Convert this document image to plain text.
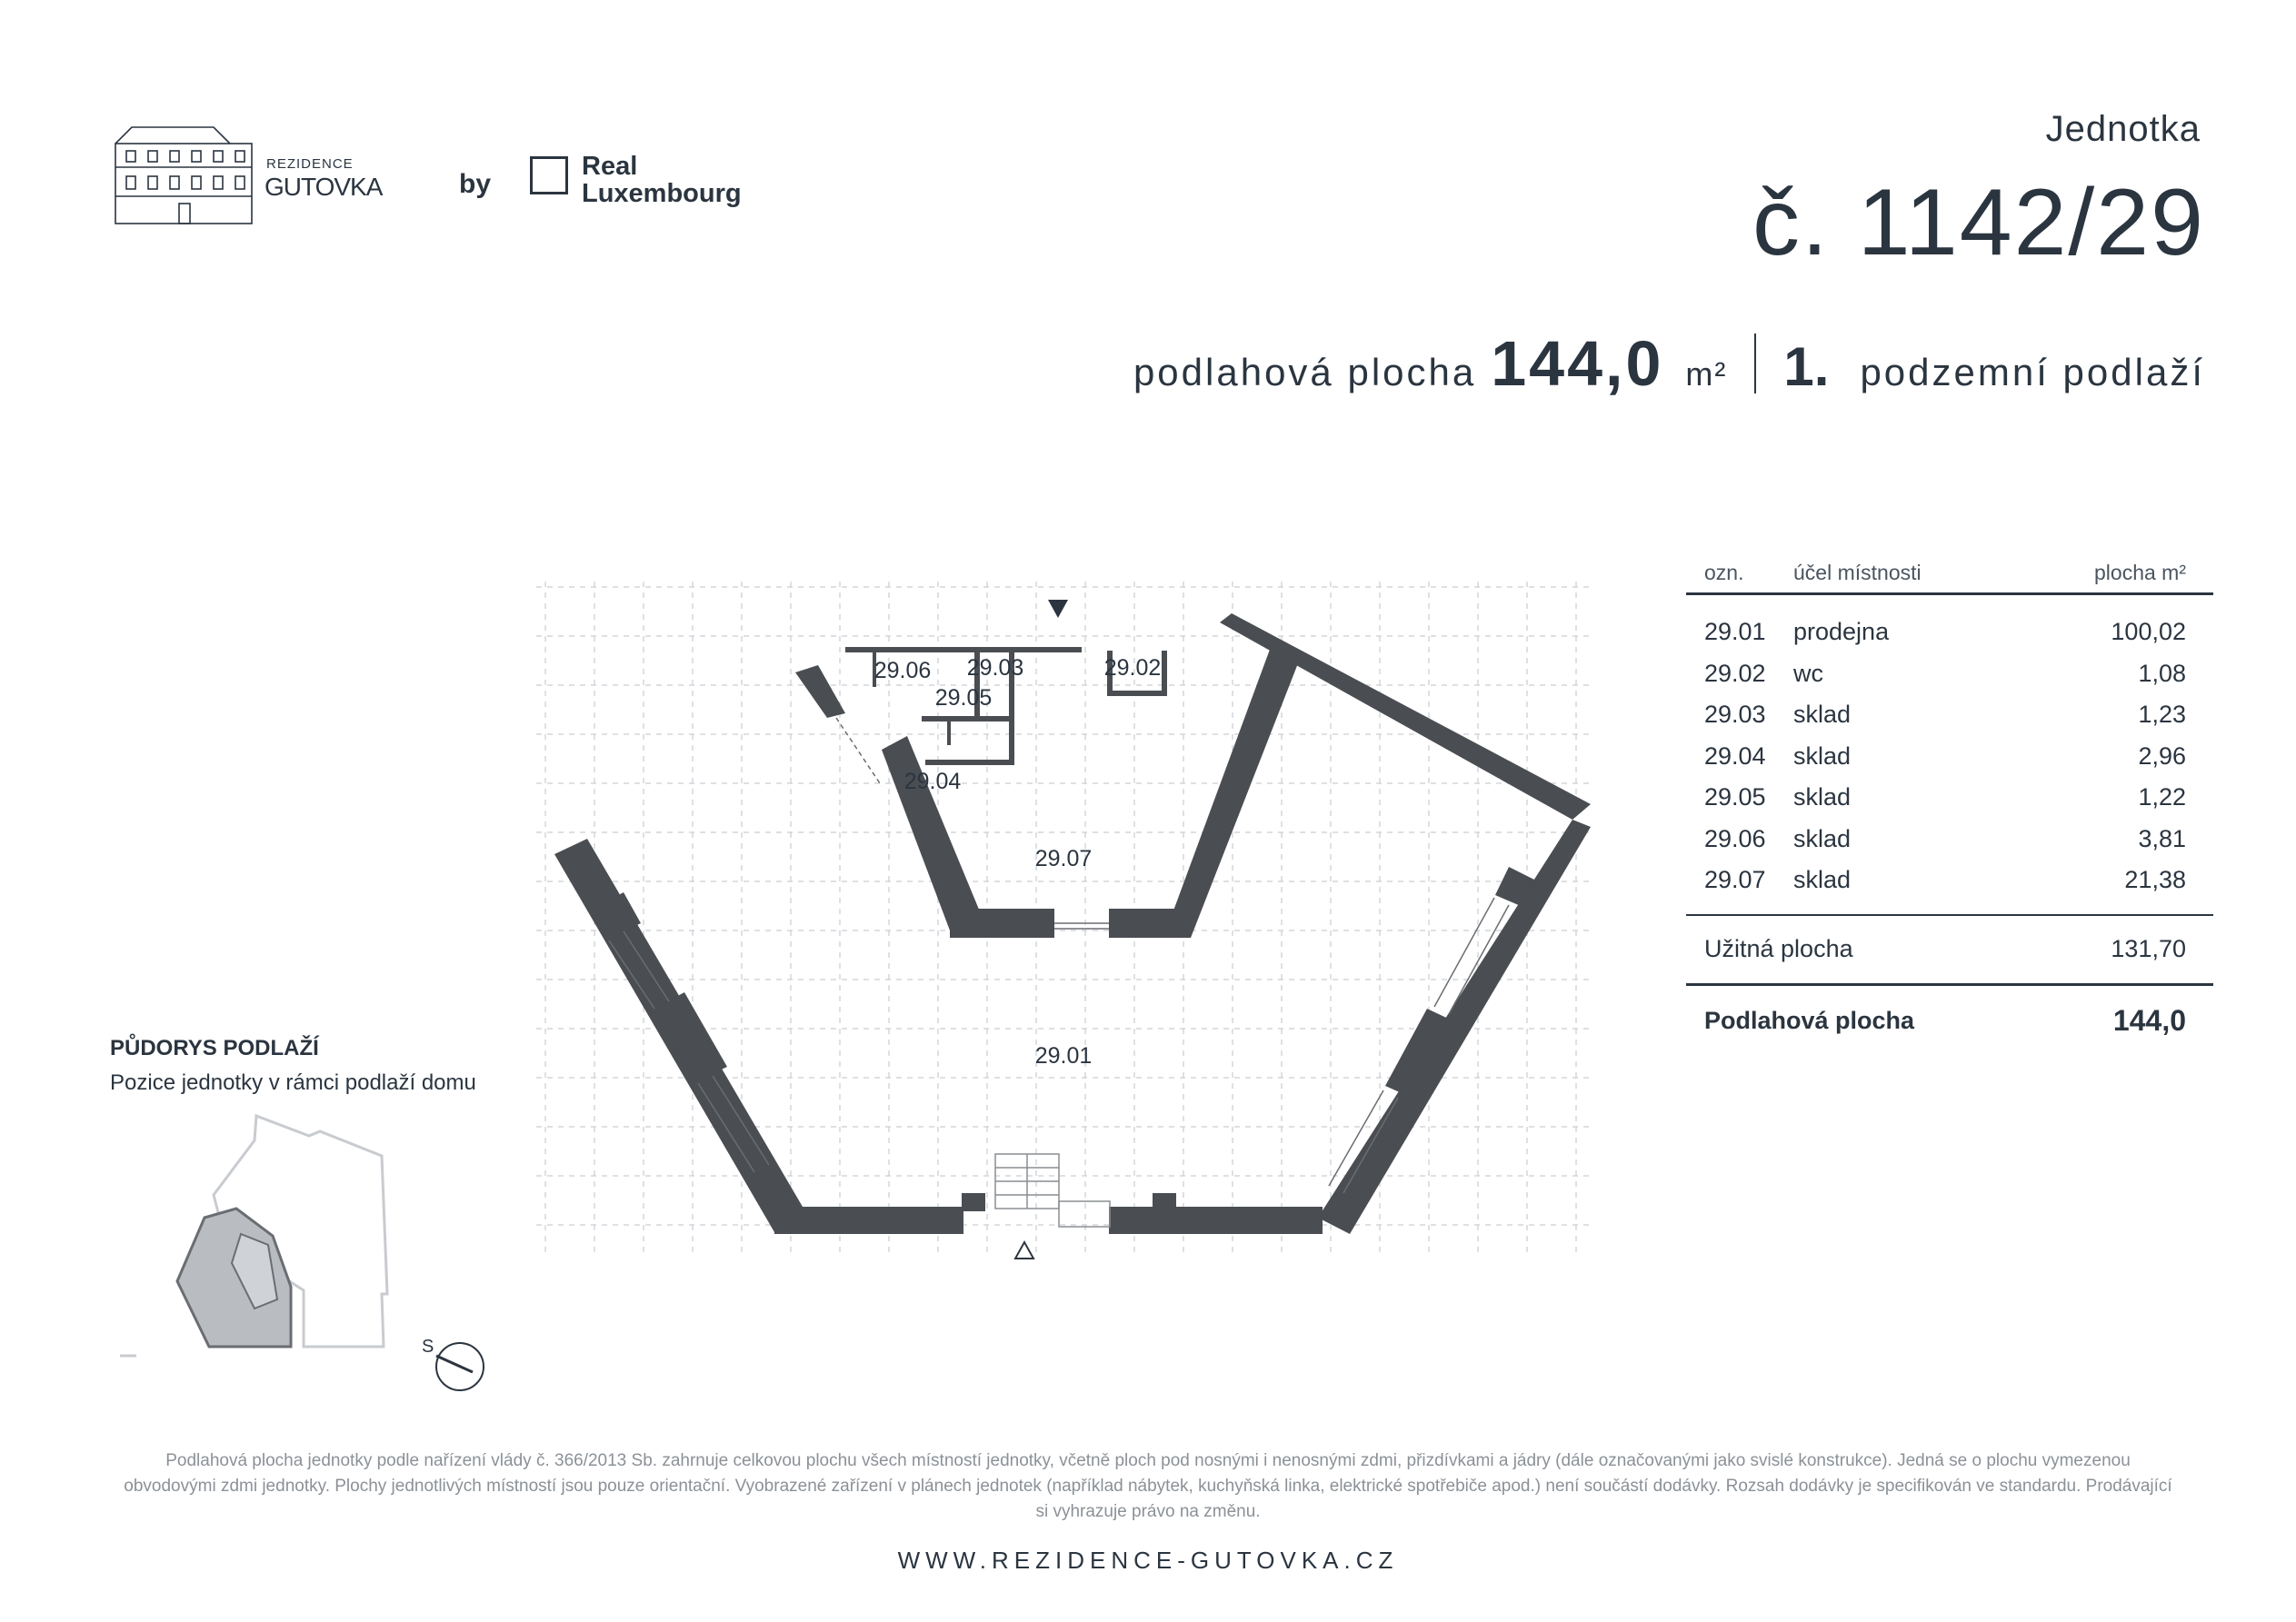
REZIDENCE
GUTOVKA	by
Real
Luxembourg
Jednotka
č. 1142/29
podlahová plocha 144,0 m² 1. podzemní podlaží
ozn.	účel místnosti	plocha m²
29.01	prodejna	100,02
29.02	wc	1,08
29.03	sklad	1,23
29.04	sklad	2,96
29.05	sklad	1,22
29.06	sklad	3,81
29.07	sklad	21,38
Užitná plocha	131,70
Podlahová plocha	144,0
29.01
29.02
29.03
29.04
29.05
29.06
29.07
PŮDORYS PODLAŽÍ
Pozice jednotky v rámci podlaží domu
S
Podlahová plocha jednotky podle nařízení vlády č. 366/2013 Sb. zahrnuje celkovou plochu všech místností jednotky, včetně ploch pod nosnými i nenosnými zdmi, přizdívkami a jádry (dále označovanými jako svislé konstrukce). Jedná se o plochu vymezenou obvodovými zdmi jednotky. Plochy jednotlivých místností jsou pouze orientační. Vyobrazené zařízení v plánech jednotek (například nábytek, kuchyňská linka, elektrické spotřebiče apod.) není součástí dodávky. Rozsah dodávky je specifikován ve standardu. Prodávající si vyhrazuje právo na změnu.
WWW.REZIDENCE-GUTOVKA.CZ
